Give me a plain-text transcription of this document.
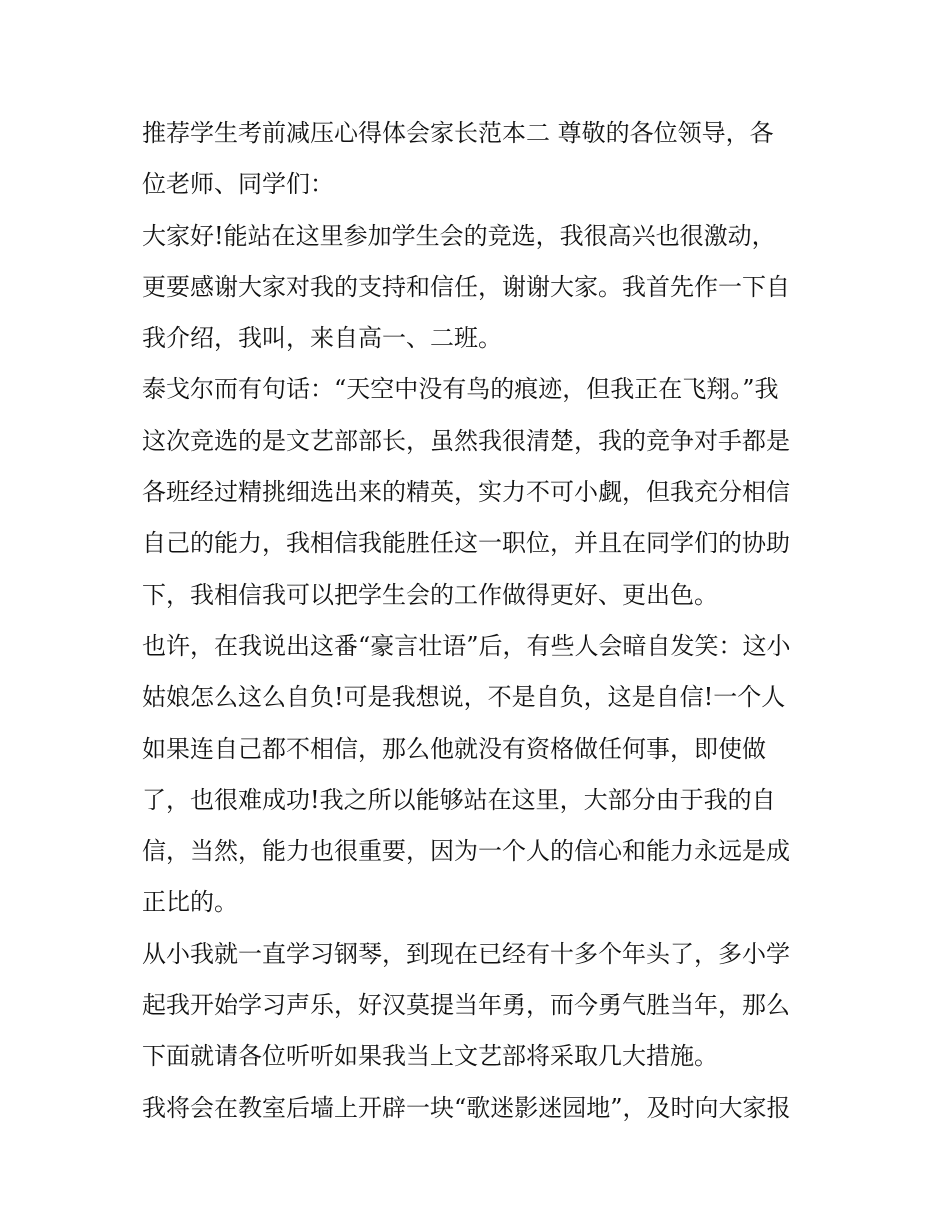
推荐学生考前减压心得体会家长范本二 尊敬的各位领导，各
位老师、同学们：
大家好!能站在这里参加学生会的竞选，我很高兴也很激动，
更要感谢大家对我的支持和信任，谢谢大家。我首先作一下自
我介绍，我叫，来自高一、二班。
泰戈尔而有句话：“天空中没有鸟的痕迹，但我正在飞翔。”我
这次竞选的是文艺部部长，虽然我很清楚，我的竞争对手都是
各班经过精挑细选出来的精英，实力不可小觑，但我充分相信
自己的能力，我相信我能胜任这一职位，并且在同学们的协助
下，我相信我可以把学生会的工作做得更好、更出色。
也许，在我说出这番“豪言壮语”后，有些人会暗自发笑：这小
姑娘怎么这么自负!可是我想说，不是自负，这是自信!一个人
如果连自己都不相信，那么他就没有资格做任何事，即使做
了，也很难成功!我之所以能够站在这里，大部分由于我的自
信，当然，能力也很重要，因为一个人的信心和能力永远是成
正比的。
从小我就一直学习钢琴，到现在已经有十多个年头了，多小学
起我开始学习声乐，好汉莫提当年勇，而今勇气胜当年，那么
下面就请各位听听如果我当上文艺部将采取几大措施。
我将会在教室后墙上开辟一块“歌迷影迷园地”，及时向大家报
